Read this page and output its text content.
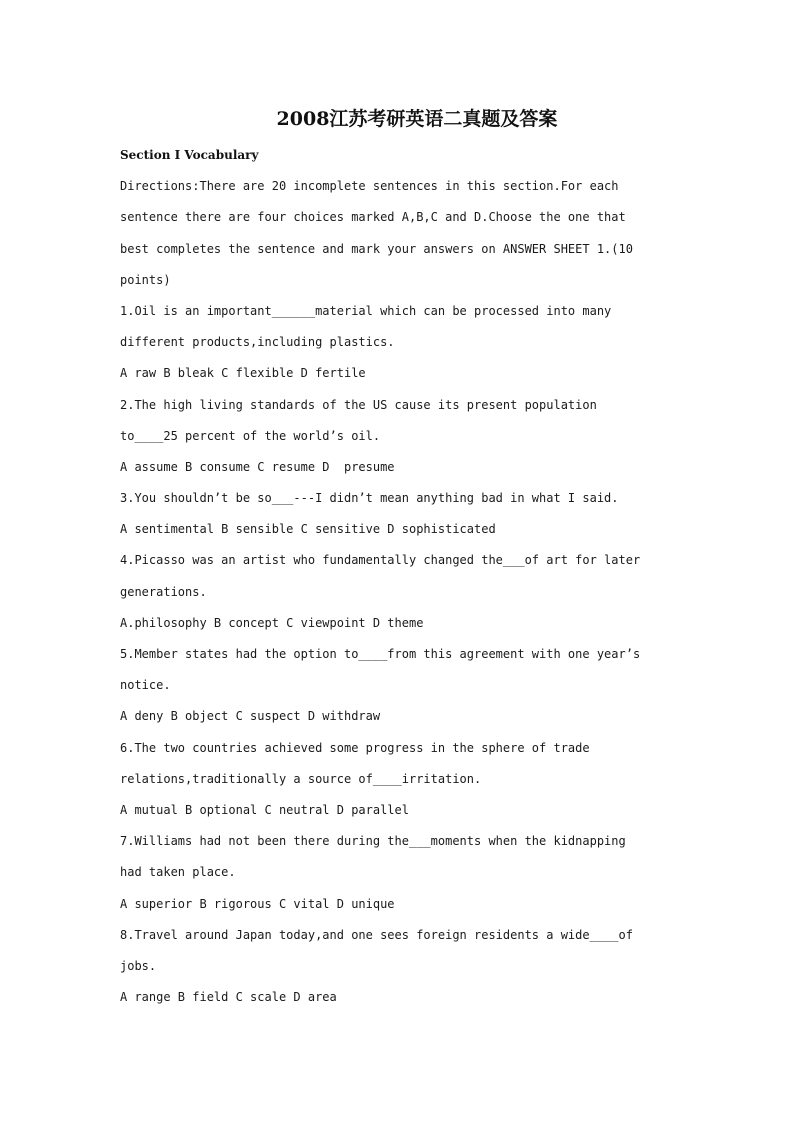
2008江苏考研英语二真题及答案
Section I Vocabulary
Directions:There are 20 incomplete sentences in this section.For each
sentence there are four choices marked A,B,C and D.Choose the one that
best completes the sentence and mark your answers on ANSWER SHEET 1.(10
points)
1.Oil is an important______material which can be processed into many
different products,including plastics.
A raw B bleak C flexible D fertile
2.The high living standards of the US cause its present population
to____25 percent of the world’s oil.
A assume B consume C resume D  presume
3.You shouldn’t be so___---I didn’t mean anything bad in what I said.
A sentimental B sensible C sensitive D sophisticated
4.Picasso was an artist who fundamentally changed the___of art for later
generations.
A.philosophy B concept C viewpoint D theme
5.Member states had the option to____from this agreement with one year’s
notice.
A deny B object C suspect D withdraw
6.The two countries achieved some progress in the sphere of trade
relations,traditionally a source of____irritation.
A mutual B optional C neutral D parallel
7.Williams had not been there during the___moments when the kidnapping
had taken place.
A superior B rigorous C vital D unique
8.Travel around Japan today,and one sees foreign residents a wide____of
jobs.
A range B field C scale D area
